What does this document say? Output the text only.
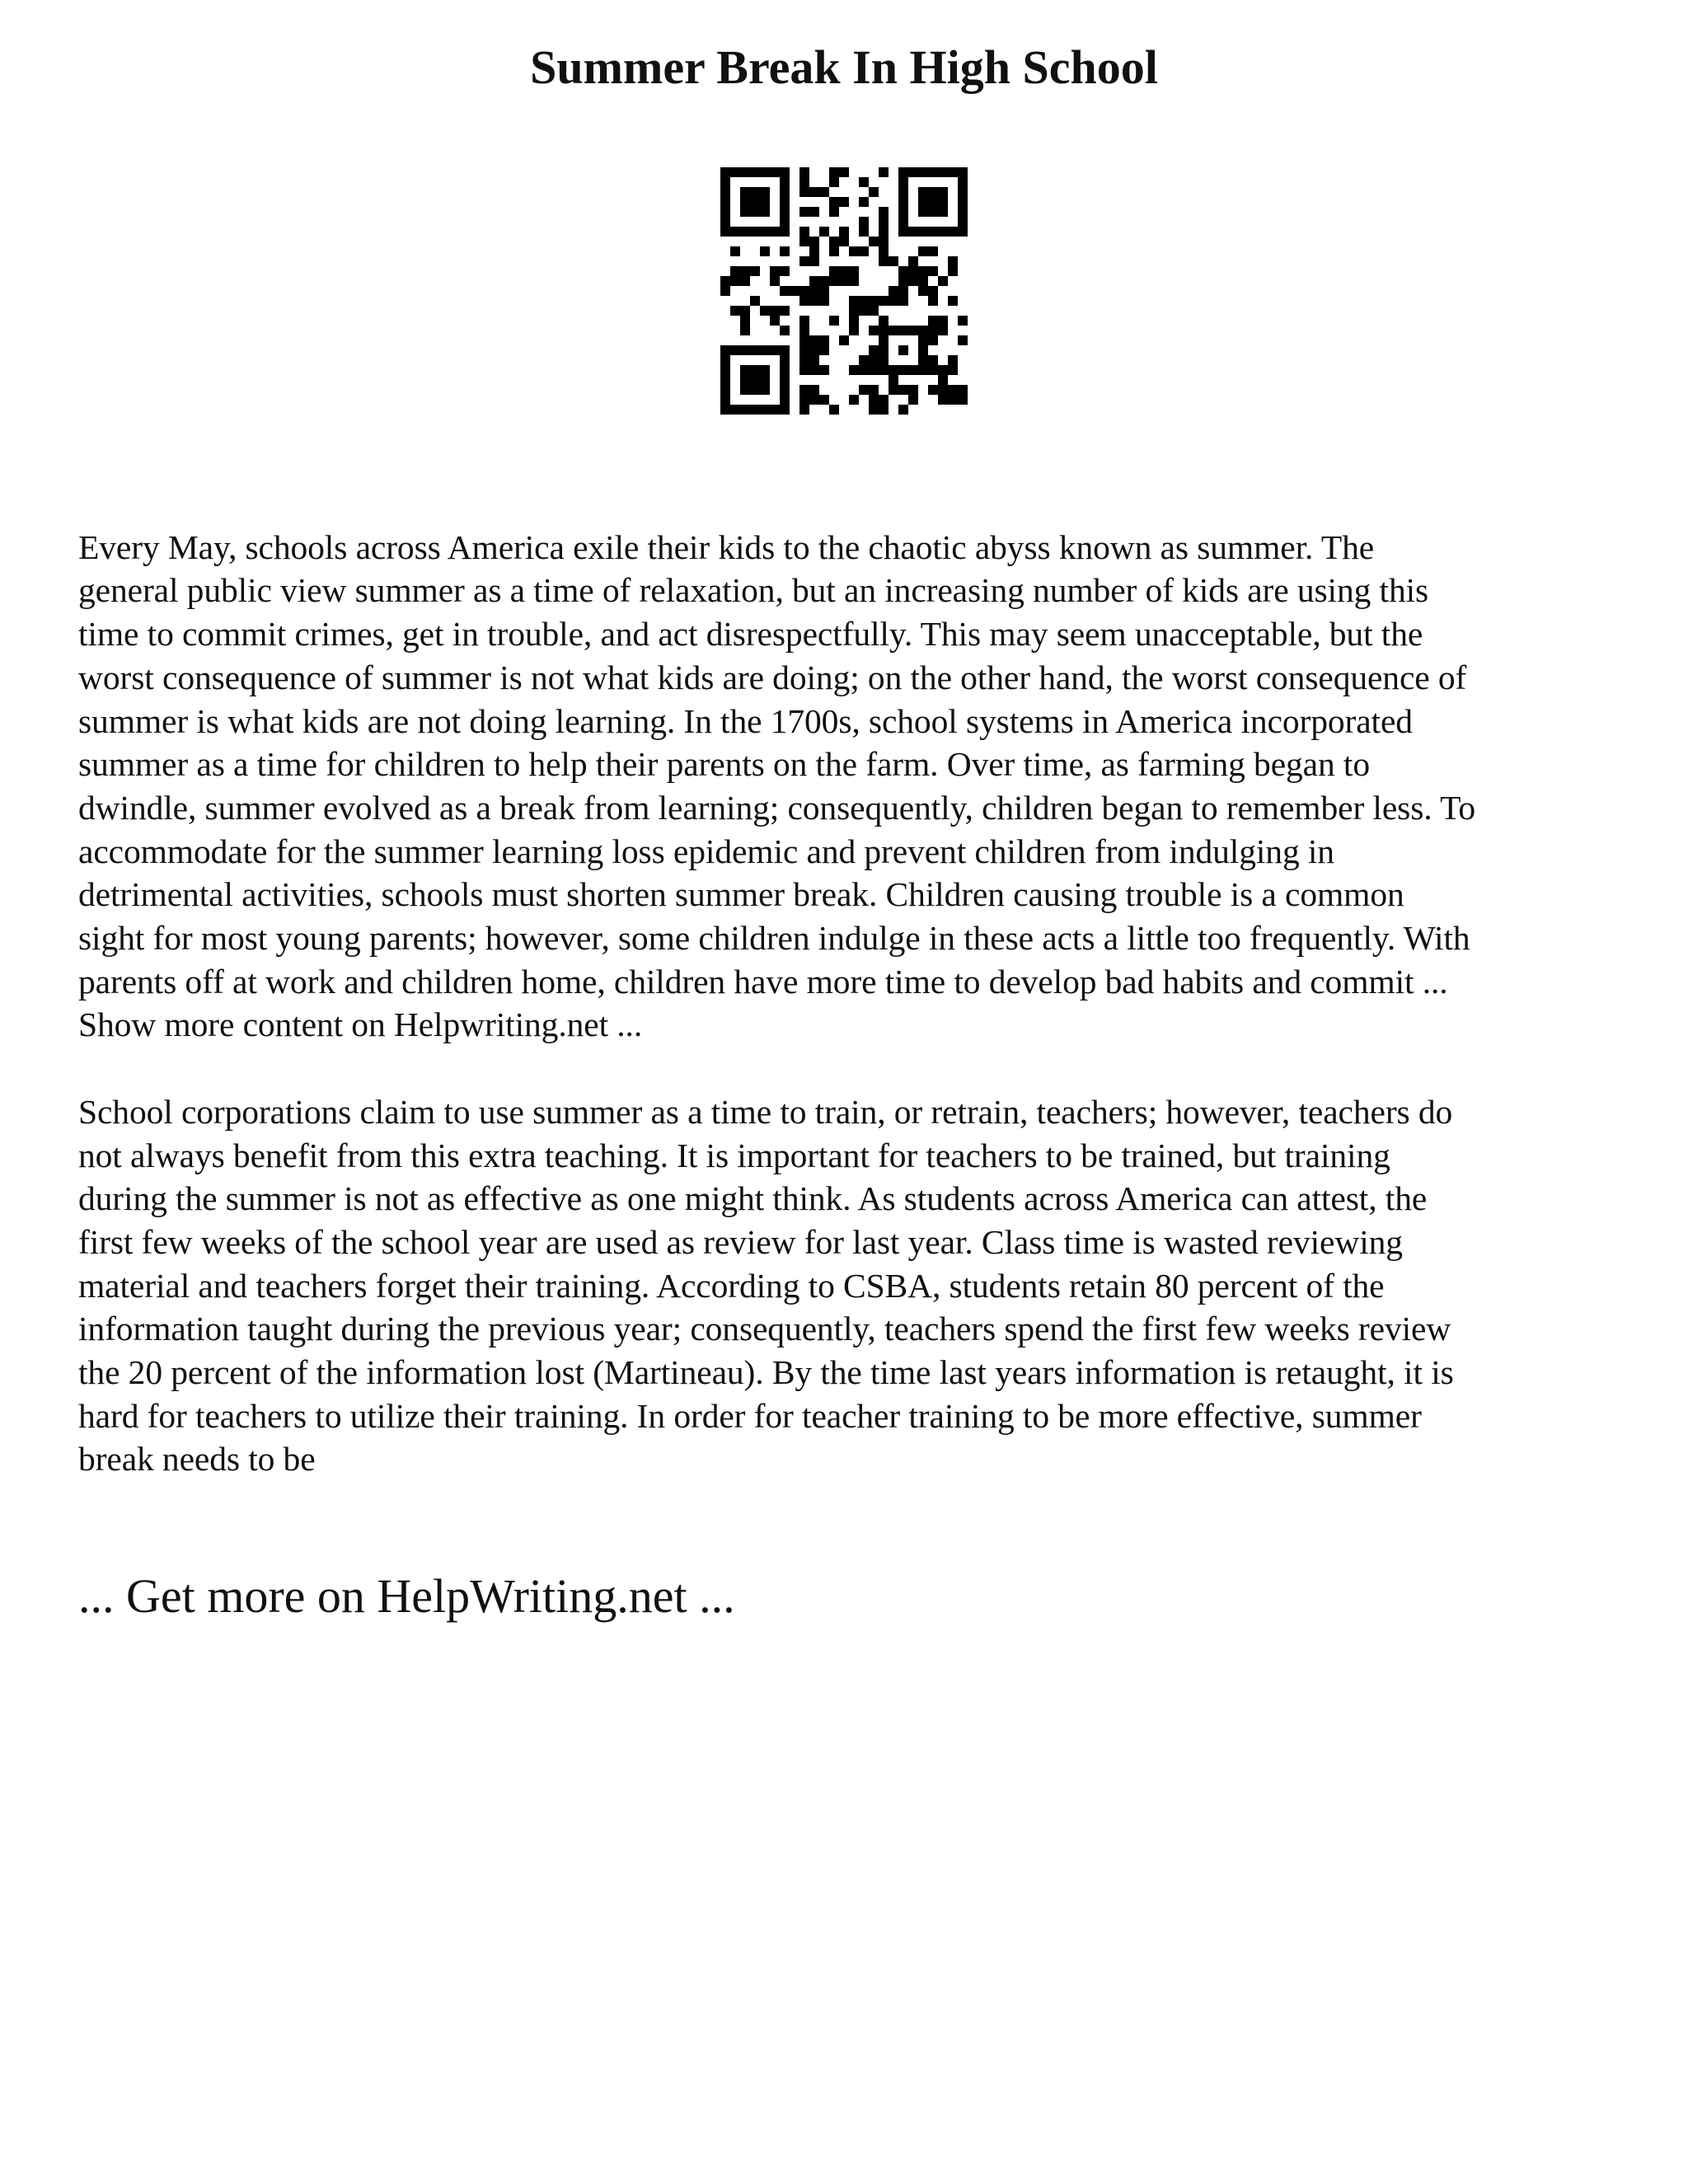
Summer Break In High School

Every May, schools across America exile their kids to the chaotic abyss known as summer. The
general public view summer as a time of relaxation, but an increasing number of kids are using this
time to commit crimes, get in trouble, and act disrespectfully. This may seem unacceptable, but the
worst consequence of summer is not what kids are doing; on the other hand, the worst consequence of
summer is what kids are not doing learning. In the 1700s, school systems in America incorporated
summer as a time for children to help their parents on the farm. Over time, as farming began to
dwindle, summer evolved as a break from learning; consequently, children began to remember less. To
accommodate for the summer learning loss epidemic and prevent children from indulging in
detrimental activities, schools must shorten summer break. Children causing trouble is a common
sight for most young parents; however, some children indulge in these acts a little too frequently. With
parents off at work and children home, children have more time to develop bad habits and commit ...
Show more content on Helpwriting.net ...

School corporations claim to use summer as a time to train, or retrain, teachers; however, teachers do
not always benefit from this extra teaching. It is important for teachers to be trained, but training
during the summer is not as effective as one might think. As students across America can attest, the
first few weeks of the school year are used as review for last year. Class time is wasted reviewing
material and teachers forget their training. According to CSBA, students retain 80 percent of the
information taught during the previous year; consequently, teachers spend the first few weeks review
the 20 percent of the information lost (Martineau). By the time last years information is retaught, it is
hard for teachers to utilize their training. In order for teacher training to be more effective, summer
break needs to be

... Get more on HelpWriting.net ...
